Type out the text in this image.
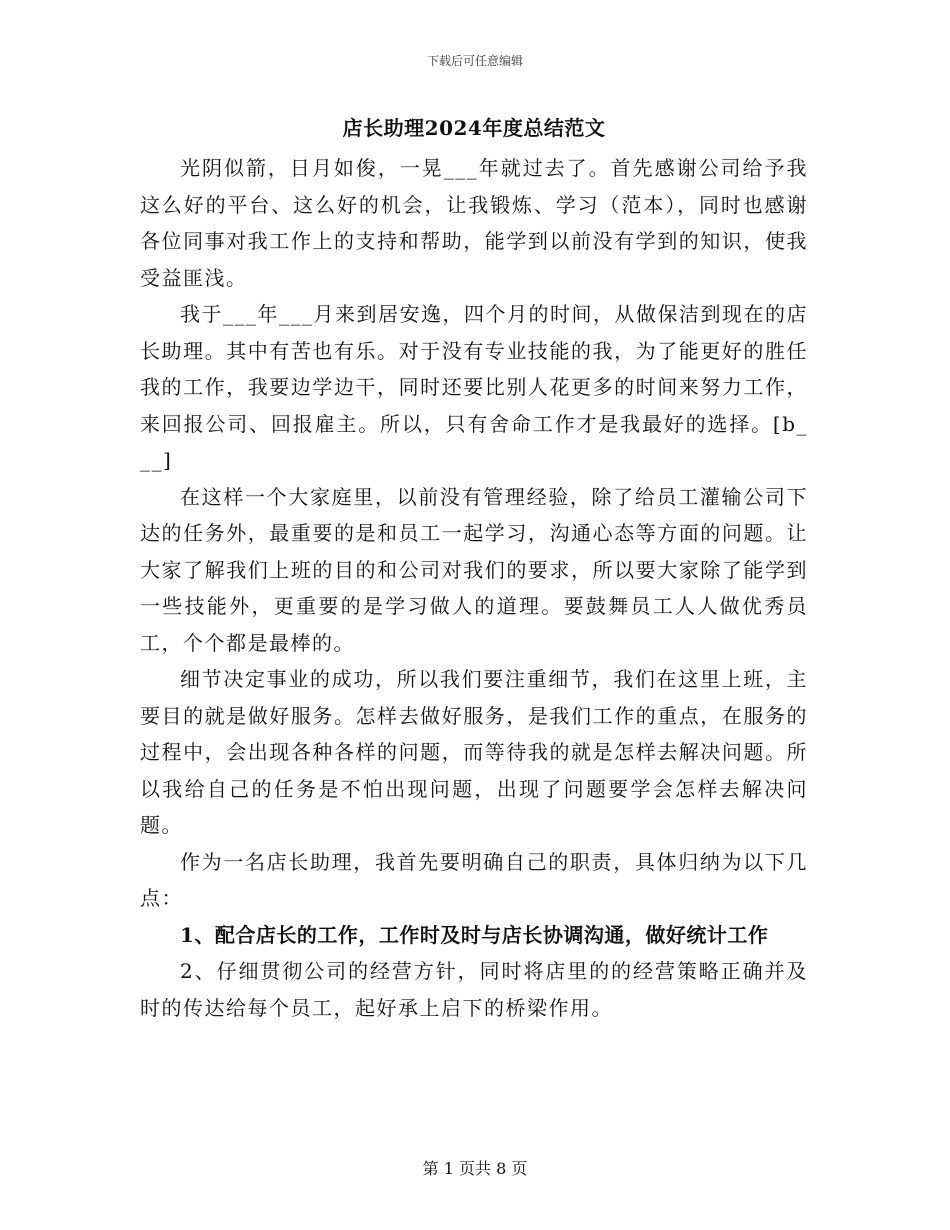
下载后可任意编辑
店长助理2024年度总结范文

光阴似箭，日月如俊，一晃___年就过去了。首先感谢公司给予我这么好的平台、这么好的机会，让我锻炼、学习（范本），同时也感谢各位同事对我工作上的支持和帮助，能学到以前没有学到的知识，使我受益匪浅。

我于___年___月来到居安逸，四个月的时间，从做保洁到现在的店长助理。其中有苦也有乐。对于没有专业技能的我，为了能更好的胜任我的工作，我要边学边干，同时还要比别人花更多的时间来努力工作，来回报公司、回报雇主。所以，只有舍命工作才是我最好的选择。[b___]

在这样一个大家庭里，以前没有管理经验，除了给员工灌输公司下达的任务外，最重要的是和员工一起学习，沟通心态等方面的问题。让大家了解我们上班的目的和公司对我们的要求，所以要大家除了能学到一些技能外，更重要的是学习做人的道理。要鼓舞员工人人做优秀员工，个个都是最棒的。

细节决定事业的成功，所以我们要注重细节，我们在这里上班，主要目的就是做好服务。怎样去做好服务，是我们工作的重点，在服务的过程中，会出现各种各样的问题，而等待我的就是怎样去解决问题。所以我给自己的任务是不怕出现问题，出现了问题要学会怎样去解决问题。

作为一名店长助理，我首先要明确自己的职责，具体归纳为以下几点：

1、配合店长的工作，工作时及时与店长协调沟通，做好统计工作

2、仔细贯彻公司的经营方针，同时将店里的的经营策略正确并及时的传达给每个员工，起好承上启下的桥梁作用。

第 1 页共 8 页
